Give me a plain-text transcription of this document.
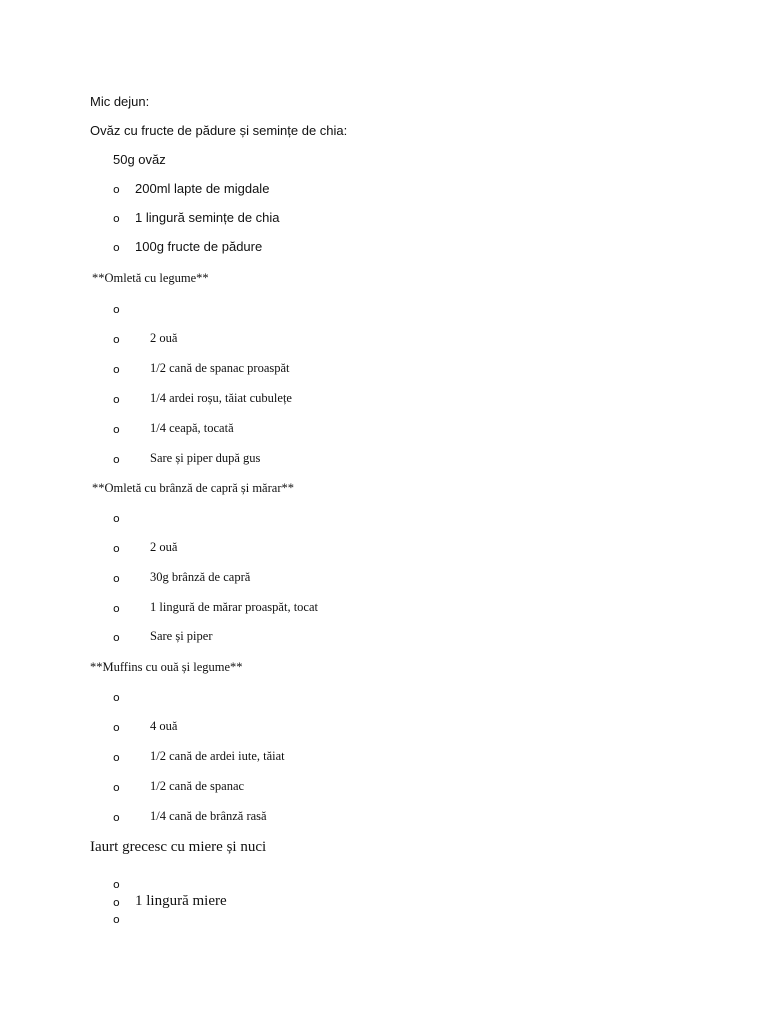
Mic dejun:
Ovăz cu fructe de pădure și semințe de chia:
50g ovăz
o 200ml lapte de migdale
o 1 lingură semințe de chia
o 100g fructe de pădure
**Omletă cu legume**
o
o 2 ouă
o 1/2 cană de spanac proaspăt
o 1/4 ardei roșu, tăiat cubulețe
o 1/4 ceapă, tocată
o Sare și piper după gus
**Omletă cu brânză de capră și mărar**
o
o 2 ouă
o 30g brânză de capră
o 1 lingură de mărar proaspăt, tocat
o Sare și piper
**Muffins cu ouă și legume**
o
o 4 ouă
o 1/2 cană de ardei iute, tăiat
o 1/2 cană de spanac
o 1/4 cană de brânză rasă
Iaurt grecesc cu miere și nuci
o
o 1 lingură miere
o
